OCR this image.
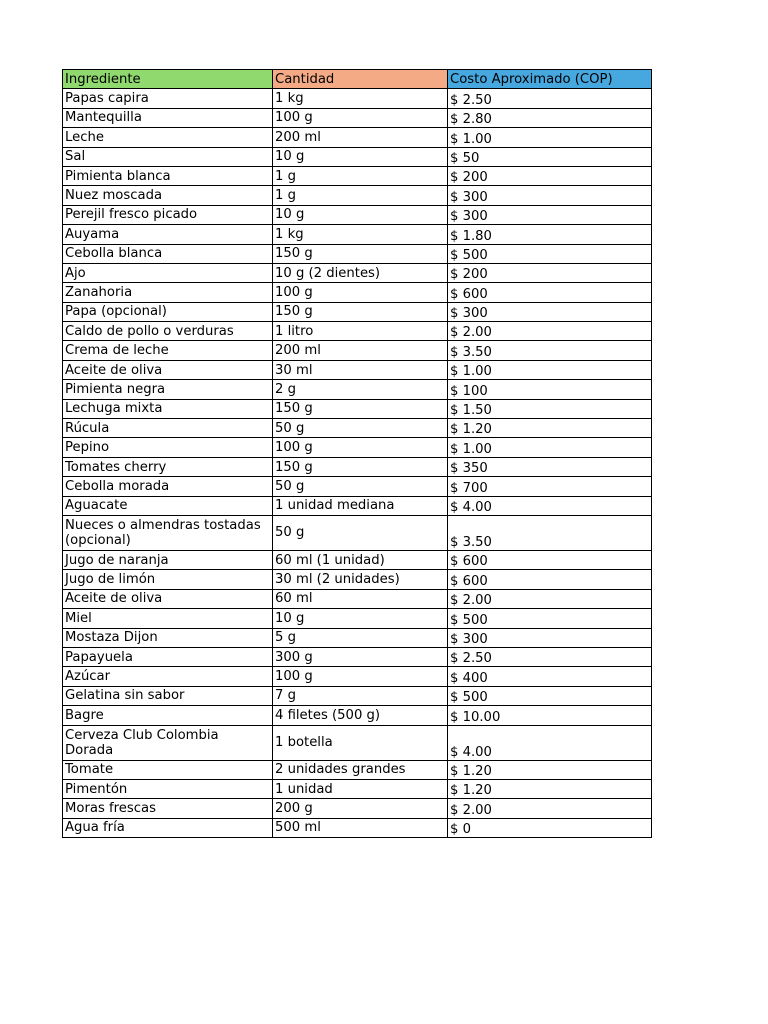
Ingrediente	Cantidad	Costo Aproximado (COP)
Papas capira	1 kg	$ 2.50
Mantequilla	100 g	$ 2.80
Leche	200 ml	$ 1.00
Sal	10 g	$ 50
Pimienta blanca	1 g	$ 200
Nuez moscada	1 g	$ 300
Perejil fresco picado	10 g	$ 300
Auyama	1 kg	$ 1.80
Cebolla blanca	150 g	$ 500
Ajo	10 g (2 dientes)	$ 200
Zanahoria	100 g	$ 600
Papa (opcional)	150 g	$ 300
Caldo de pollo o verduras	1 litro	$ 2.00
Crema de leche	200 ml	$ 3.50
Aceite de oliva	30 ml	$ 1.00
Pimienta negra	2 g	$ 100
Lechuga mixta	150 g	$ 1.50
Rúcula	50 g	$ 1.20
Pepino	100 g	$ 1.00
Tomates cherry	150 g	$ 350
Cebolla morada	50 g	$ 700
Aguacate	1 unidad mediana	$ 4.00
Nueces o almendras tostadas (opcional)	50 g	$ 3.50
Jugo de naranja	60 ml (1 unidad)	$ 600
Jugo de limón	30 ml (2 unidades)	$ 600
Aceite de oliva	60 ml	$ 2.00
Miel	10 g	$ 500
Mostaza Dijon	5 g	$ 300
Papayuela	300 g	$ 2.50
Azúcar	100 g	$ 400
Gelatina sin sabor	7 g	$ 500
Bagre	4 filetes (500 g)	$ 10.00
Cerveza Club Colombia Dorada	1 botella	$ 4.00
Tomate	2 unidades grandes	$ 1.20
Pimentón	1 unidad	$ 1.20
Moras frescas	200 g	$ 2.00
Agua fría	500 ml	$ 0
